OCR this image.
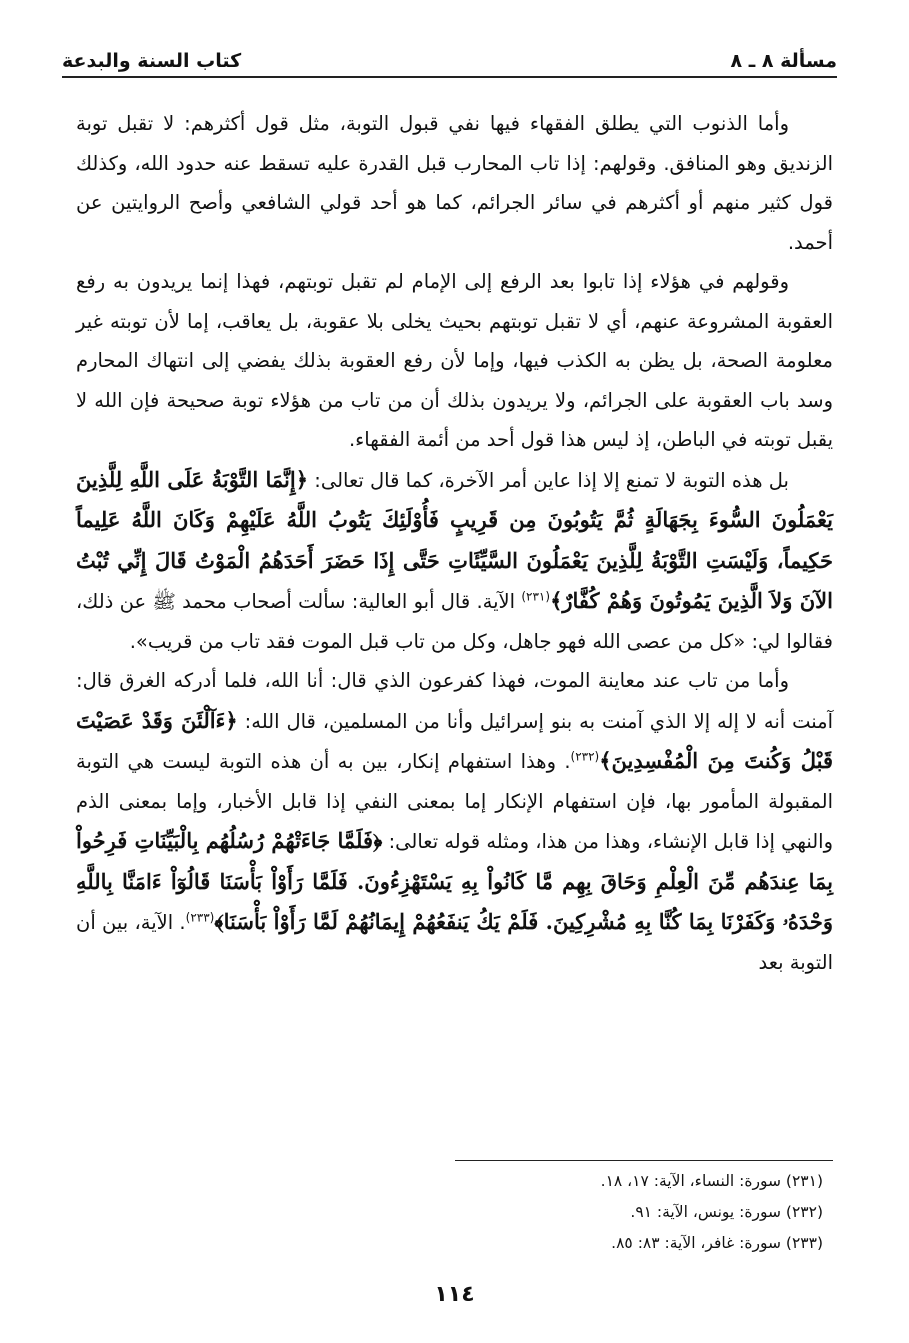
مسألة ٨ ـ ٨
كتاب السنة والبدعة

وأما الذنوب التي يطلق الفقهاء فيها نفي قبول التوبة، مثل قول أكثرهم: لا تقبل توبة الزنديق وهو المنافق. وقولهم: إذا تاب المحارب قبل القدرة عليه تسقط عنه حدود الله، وكذلك قول كثير منهم أو أكثرهم في سائر الجرائم، كما هو أحد قولي الشافعي وأصح الروايتين عن أحمد.

وقولهم في هؤلاء إذا تابوا بعد الرفع إلى الإمام لم تقبل توبتهم، فهذا إنما يريدون به رفع العقوبة المشروعة عنهم، أي لا تقبل توبتهم بحيث يخلى بلا عقوبة، بل يعاقب، إما لأن توبته غير معلومة الصحة، بل يظن به الكذب فيها، وإما لأن رفع العقوبة بذلك يفضي إلى انتهاك المحارم وسد باب العقوبة على الجرائم، ولا يريدون بذلك أن من تاب من هؤلاء توبة صحيحة فإن الله لا يقبل توبته في الباطن، إذ ليس هذا قول أحد من أئمة الفقهاء.

بل هذه التوبة لا تمنع إلا إذا عاين أمر الآخرة، كما قال تعالى: ﴿إِنَّمَا التَّوْبَةُ عَلَى اللَّهِ لِلَّذِينَ يَعْمَلُونَ السُّوءَ بِجَهَالَةٍ ثُمَّ يَتُوبُونَ مِن قَرِيبٍ فَأُوْلَئِكَ يَتُوبُ اللَّهُ عَلَيْهِمْ وَكَانَ اللَّهُ عَلِيماً حَكِيماً، وَلَيْسَتِ التَّوْبَةُ لِلَّذِينَ يَعْمَلُونَ السَّيِّئَاتِ حَتَّى إِذَا حَضَرَ أَحَدَهُمُ الْمَوْتُ قَالَ إِنِّي تُبْتُ الآنَ وَلاَ الَّذِينَ يَمُوتُونَ وَهُمْ كُفَّارٌ﴾$^{(٢٣١)}$ الآية. قال أبو العالية: سألت أصحاب محمد ﷺ عن ذلك، فقالوا لي: «كل من عصى الله فهو جاهل، وكل من تاب قبل الموت فقد تاب من قريب».

وأما من تاب عند معاينة الموت، فهذا كفرعون الذي قال: أنا الله، فلما أدركه الغرق قال: آمنت أنه لا إله إلا الذي آمنت به بنو إسرائيل وأنا من المسلمين، قال الله: ﴿ءَآلْئَنَ وَقَدْ عَصَيْتَ قَبْلُ وَكُنتَ مِنَ الْمُفْسِدِينَ﴾$^{(٢٣٢)}$. وهذا استفهام إنكار، بين به أن هذه التوبة ليست هي التوبة المقبولة المأمور بها، فإن استفهام الإنكار إما بمعنى النفي إذا قابل الأخبار، وإما بمعنى الذم والنهي إذا قابل الإنشاء، وهذا من هذا، ومثله قوله تعالى: ﴿فَلَمَّا جَاءَتْهُمْ رُسُلُهُم بِالْبَيِّنَاتِ فَرِحُواْ بِمَا عِندَهُم مِّنَ الْعِلْمِ وَحَاقَ بِهِم مَّا كَانُواْ بِهِ يَسْتَهْزِءُونَ. فَلَمَّا رَأَوْاْ بَأْسَنَا قَالُوٓاْ ءَامَنَّا بِاللَّهِ وَحْدَهُۥ وَكَفَرْنَا بِمَا كُنَّا بِهِ مُشْرِكِينَ. فَلَمْ يَكُ يَنفَعُهُمْ إِيمَانُهُمْ لَمَّا رَأَوْاْ بَأْسَنَا﴾$^{(٢٣٣)}$. الآية، بين أن التوبة بعد

(٢٣١) سورة: النساء، الآية: ١٧، ١٨.
(٢٣٢) سورة: يونس، الآية: ٩١.
(٢٣٣) سورة: غافر، الآية: ٨٣: ٨٥.
١١٤
